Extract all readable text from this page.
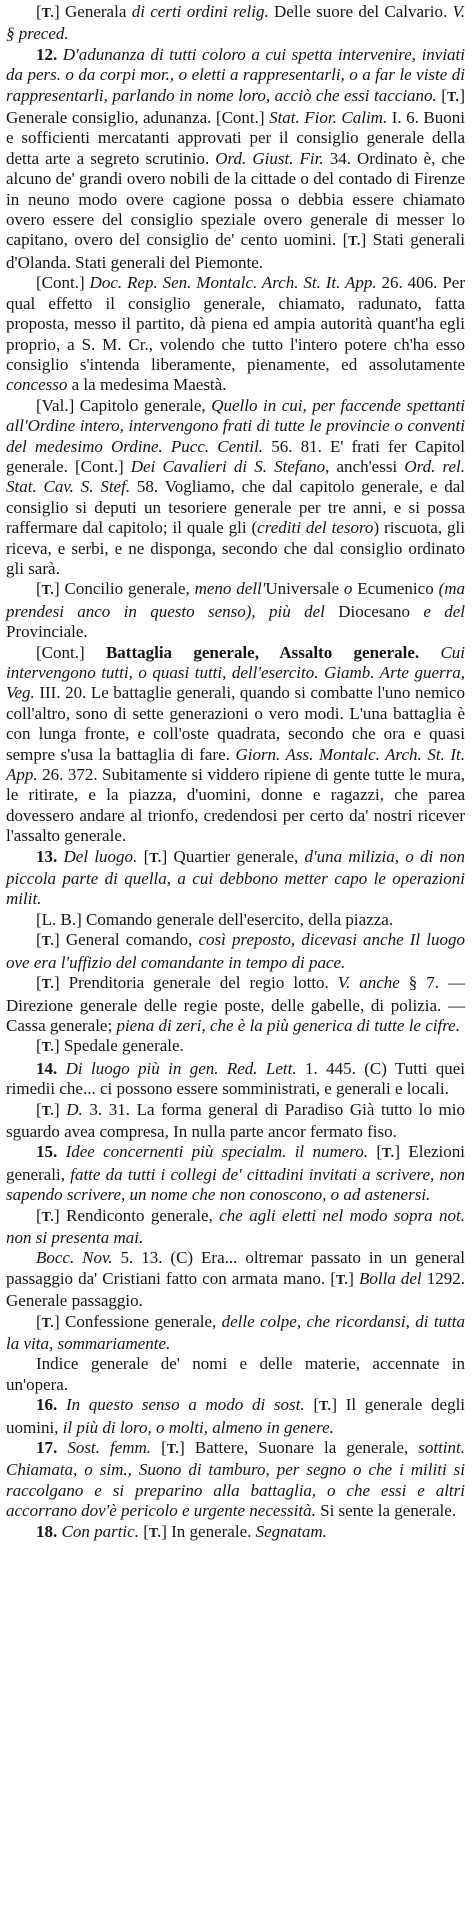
[T.] Generala di certi ordini relig. Delle suore del Calvario. V. § preced.

12. D'adunanza di tutti coloro a cui spetta intervenire, inviati da pers. o da corpi mor., o eletti a rappresentarli, o a far le viste di rappresentarli, parlando in nome loro, acciò che essi tacciano. [T.] Generale consiglio, adunanza. [Cont.] Stat. Fior. Calim. I. 6. Buoni e sofficienti mercatanti approvati per il consiglio generale della detta arte a segreto scrutinio. Ord. Giust. Fir. 34. Ordinato è, che alcuno de' grandi overo nobili de la cittade o del contado di Firenze in neuno modo overe cagione possa o debbia essere chiamato overo essere del consiglio speziale overo generale di messer lo capitano, overo del consiglio de' cento uomini. [T.] Stati generali d'Olanda. Stati generali del Piemonte.

[Cont.] Doc. Rep. Sen. Montalc. Arch. St. It. App. 26. 406. Per qual effetto il consiglio generale, chiamato, radunato, fatta proposta, messo il partito, dà piena ed ampia autorità quant'ha egli proprio, a S. M. Cr., volendo che tutto l'intero potere ch'ha esso consiglio s'intenda liberamente, pienamente, ed assolutamente concesso a la medesima Maestà.

[Val.] Capitolo generale, Quello in cui, per faccende spettanti all'Ordine intero, intervengono frati di tutte le provincie o conventi del medesimo Ordine. Pucc. Centil. 56. 81. E' frati fer Capitol generale. [Cont.] Dei Cavalieri di S. Stefano, anch'essi Ord. rel. Stat. Cav. S. Stef. 58. Vogliamo, che dal capitolo generale, e dal consiglio si deputi un tesoriere generale per tre anni, e si possa raffermare dal capitolo; il quale gli (crediti del tesoro) riscuota, gli riceva, e serbi, e ne disponga, secondo che dal consiglio ordinato gli sarà.

[T.] Concilio generale, meno dell'Universale o Ecumenico (ma prendesi anco in questo senso), più del Diocesano e del Provinciale.

[Cont.] Battaglia generale, Assalto generale. Cui intervengono tutti, o quasi tutti, dell'esercito. Giamb. Arte guerra, Veg. III. 20. Le battaglie generali, quando si combatte l'uno nemico coll'altro, sono di sette generazioni o vero modi. L'una battaglia è con lunga fronte, e coll'oste quadrata, secondo che ora e quasi sempre s'usa la battaglia di fare. Giorn. Ass. Montalc. Arch. St. It. App. 26. 372. Subitamente si viddero ripiene di gente tutte le mura, le ritirate, e la piazza, d'uomini, donne e ragazzi, che parea dovessero andare al trionfo, credendosi per certo da' nostri ricever l'assalto generale.

13. Del luogo. [T.] Quartier generale, d'una milizia, o di non piccola parte di quella, a cui debbono metter capo le operazioni milit.

[L. B.] Comando generale dell'esercito, della piazza.

[T.] General comando, così preposto, dicevasi anche Il luogo ove era l'uffizio del comandante in tempo di pace.

[T.] Prenditoria generale del regio lotto. V. anche § 7. — Direzione generale delle regie poste, delle gabelle, di polizia. — Cassa generale; piena di zeri, che è la più generica di tutte le cifre.

[T.] Spedale generale.

14. Di luogo più in gen. Red. Lett. 1. 445. (C) Tutti quei rimedii che... ci possono essere somministrati, e generali e locali.

[T.] D. 3. 31. La forma general di Paradiso Già tutto lo mio sguardo avea compresa, In nulla parte ancor fermato fiso.

15. Idee concernenti più specialm. il numero. [T.] Elezioni generali, fatte da tutti i collegi de' cittadini invitati a scrivere, non sapendo scrivere, un nome che non conoscono, o ad astenersi.

[T.] Rendiconto generale, che agli eletti nel modo sopra not. non si presenta mai.

Bocc. Nov. 5. 13. (C) Era... oltremar passato in un general passaggio da' Cristiani fatto con armata mano. [T.] Bolla del 1292. Generale passaggio.

[T.] Confessione generale, delle colpe, che ricordansi, di tutta la vita, sommariamente.

Indice generale de' nomi e delle materie, accennate in un'opera.

16. In questo senso a modo di sost. [T.] Il generale degli uomini, il più di loro, o molti, almeno in genere.

17. Sost. femm. [T.] Battere, Suonare la generale, sottint. Chiamata, o sim., Suono di tamburo, per segno o che i militi si raccolgano e si preparino alla battaglia, o che essi e altri accorrano dov'è pericolo e urgente necessità. Si sente la generale.

18. Con partic. [T.] In generale. Segnatam.
